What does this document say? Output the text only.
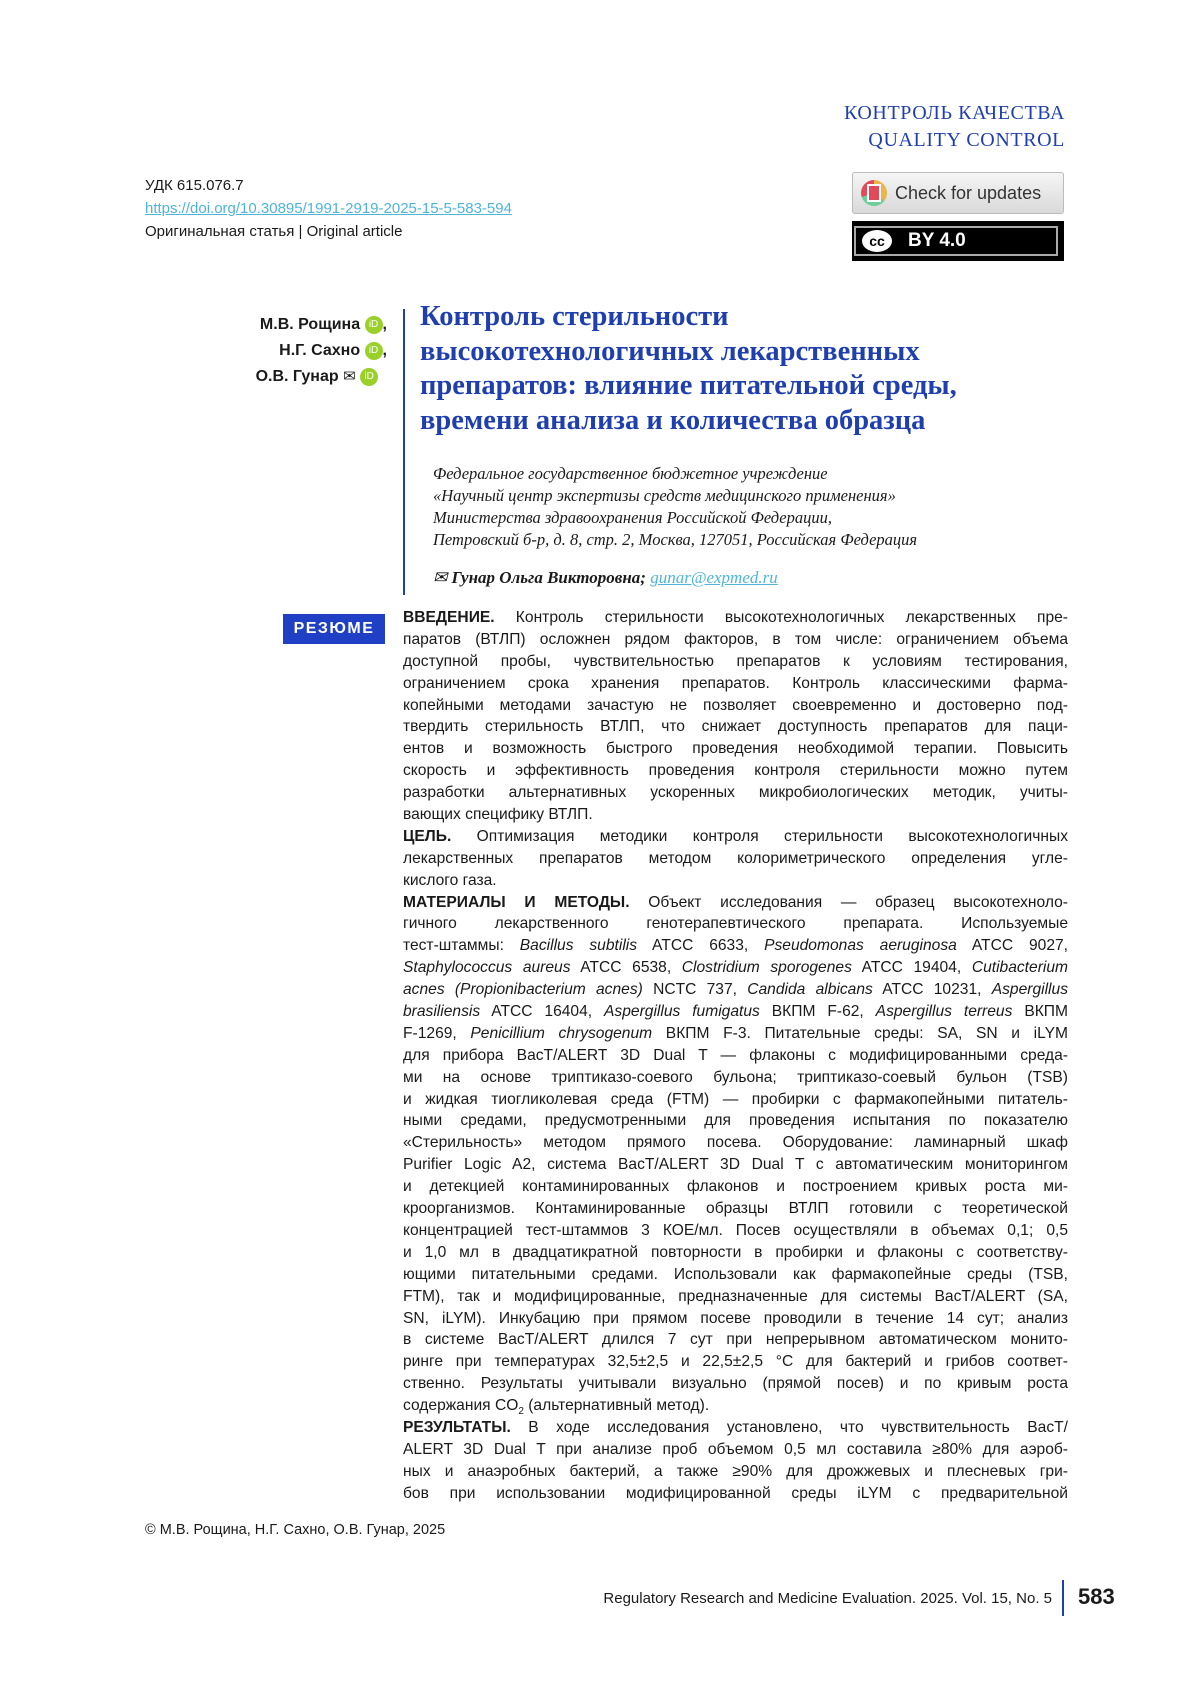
КОНТРОЛЬ КАЧЕСТВА
QUALITY CONTROL
УДК 615.076.7
https://doi.org/10.30895/1991-2919-2025-15-5-583-594
Оригинальная статья | Original article
Check for updates
cc	BY 4.0
М.В. Рощина iD ,
Н.Г. Сахно iD ,
О.В. Гунар ✉ iD
Контроль стерильности
высокотехнологичных лекарственных
препаратов: влияние питательной среды,
времени анализа и количества образца
Федеральное государственное бюджетное учреждение
«Научный центр экспертизы средств медицинского применения»
Министерства здравоохранения Российской Федерации,
Петровский б-р, д. 8, стр. 2, Москва, 127051, Российская Федерация
✉ Гунар Ольга Викторовна; gunar@expmed.ru
РЕЗЮМЕ
ВВЕДЕНИЕ. Контроль стерильности высокотехнологичных лекарственных пре-
паратов (ВТЛП) осложнен рядом факторов, в том числе: ограничением объема
доступной пробы, чувствительностью препаратов к условиям тестирования,
ограничением срока хранения препаратов. Контроль классическими фарма-
копейными методами зачастую не позволяет своевременно и достоверно под-
твердить стерильность ВТЛП, что снижает доступность препаратов для паци-
ентов и возможность быстрого проведения необходимой терапии. Повысить
скорость и эффективность проведения контроля стерильности можно путем
разработки альтернативных ускоренных микробиологических методик, учиты-
вающих специфику ВТЛП.
ЦЕЛЬ. Оптимизация методики контроля стерильности высокотехнологичных
лекарственных препаратов методом колориметрического определения угле-
кислого газа.
МАТЕРИАЛЫ И МЕТОДЫ. Объект исследования — образец высокотехноло-
гичного лекарственного генотерапевтического препарата. Используемые
тест-штаммы: Bacillus subtilis ATCC 6633, Pseudomonas aeruginosa ATCC 9027,
Staphylococcus aureus ATCC 6538, Clostridium sporogenes ATCC 19404, Cutibacterium
acnes (Propionibacterium acnes) NCTC 737, Candida albicans ATCC 10231, Aspergillus
brasiliensis ATCC 16404, Aspergillus fumigatus ВКПМ F-62, Aspergillus terreus ВКПМ
F-1269, Penicillium chrysogenum ВКПМ F-3. Питательные среды: SA, SN и iLYM
для прибора BacT/ALERT 3D Dual T — флаконы с модифицированными среда-
ми на основе триптиказо-соевого бульона; триптиказо-соевый бульон (TSB)
и жидкая тиогликолевая среда (FTM) — пробирки с фармакопейными питатель-
ными средами, предусмотренными для проведения испытания по показателю
«Стерильность» методом прямого посева. Оборудование: ламинарный шкаф
Purifier Logic A2, система BacT/ALERT 3D Dual T с автоматическим мониторингом
и детекцией контаминированных флаконов и построением кривых роста ми-
кроорганизмов. Контаминированные образцы ВТЛП готовили с теоретической
концентрацией тест-штаммов 3 КОЕ/мл. Посев осуществляли в объемах 0,1; 0,5
и 1,0 мл в двадцатикратной повторности в пробирки и флаконы с соответству-
ющими питательными средами. Использовали как фармакопейные среды (TSB,
FTM), так и модифицированные, предназначенные для системы BacT/ALERT (SA,
SN, iLYM). Инкубацию при прямом посеве проводили в течение 14 сут; анализ
в системе BacT/ALERT длился 7 сут при непрерывном автоматическом монито-
ринге при температурах 32,5±2,5 и 22,5±2,5 °C для бактерий и грибов соответ-
ственно. Результаты учитывали визуально (прямой посев) и по кривым роста
содержания $CO_2$ (альтернативный метод).
РЕЗУЛЬТАТЫ. В ходе исследования установлено, что чувствительность BacT/
ALERT 3D Dual T при анализе проб объемом 0,5 мл составила ≥80% для аэроб-
ных и анаэробных бактерий, а также ≥90% для дрожжевых и плесневых гри-
бов при использовании модифицированной среды iLYM с предварительной
© М.В. Рощина, Н.Г. Сахно, О.В. Гунар, 2025
Regulatory Research and Medicine Evaluation. 2025. Vol. 15, No. 5 583
